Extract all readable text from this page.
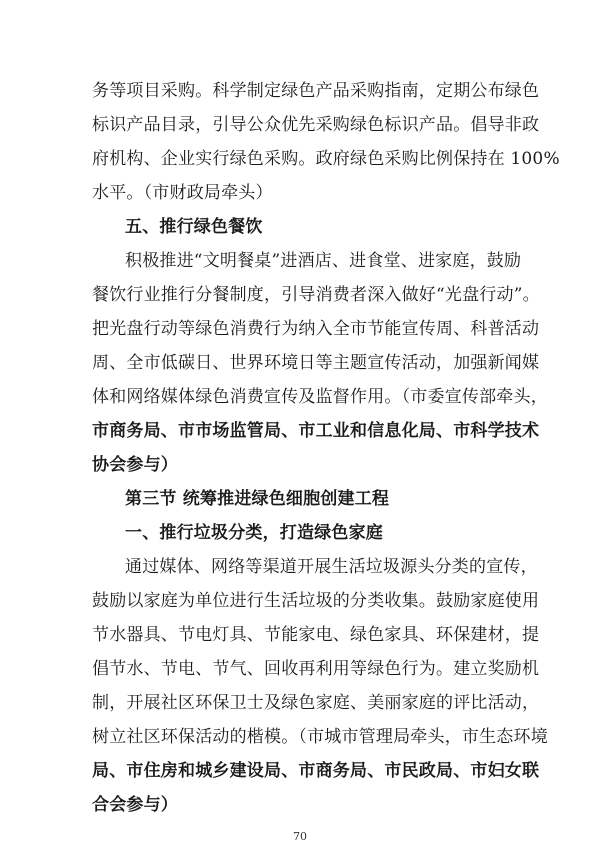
务等项目采购。科学制定绿色产品采购指南，定期公布绿色
标识产品目录，引导公众优先采购绿色标识产品。倡导非政
府机构、企业实行绿色采购。政府绿色采购比例保持在 100%
水平。（市财政局牵头）
五、推行绿色餐饮
积极推进“文明餐桌”进酒店、进食堂、进家庭，鼓励
餐饮行业推行分餐制度，引导消费者深入做好“光盘行动”。
把光盘行动等绿色消费行为纳入全市节能宣传周、科普活动
周、全市低碳日、世界环境日等主题宣传活动，加强新闻媒
体和网络媒体绿色消费宣传及监督作用。（市委宣传部牵头，
市商务局、市市场监管局、市工业和信息化局、市科学技术
协会参与）
第三节 统筹推进绿色细胞创建工程
一、推行垃圾分类，打造绿色家庭
通过媒体、网络等渠道开展生活垃圾源头分类的宣传，
鼓励以家庭为单位进行生活垃圾的分类收集。鼓励家庭使用
节水器具、节电灯具、节能家电、绿色家具、环保建材，提
倡节水、节电、节气、回收再利用等绿色行为。建立奖励机
制，开展社区环保卫士及绿色家庭、美丽家庭的评比活动，
树立社区环保活动的楷模。（市城市管理局牵头，市生态环境
局、市住房和城乡建设局、市商务局、市民政局、市妇女联
合会参与）
70
